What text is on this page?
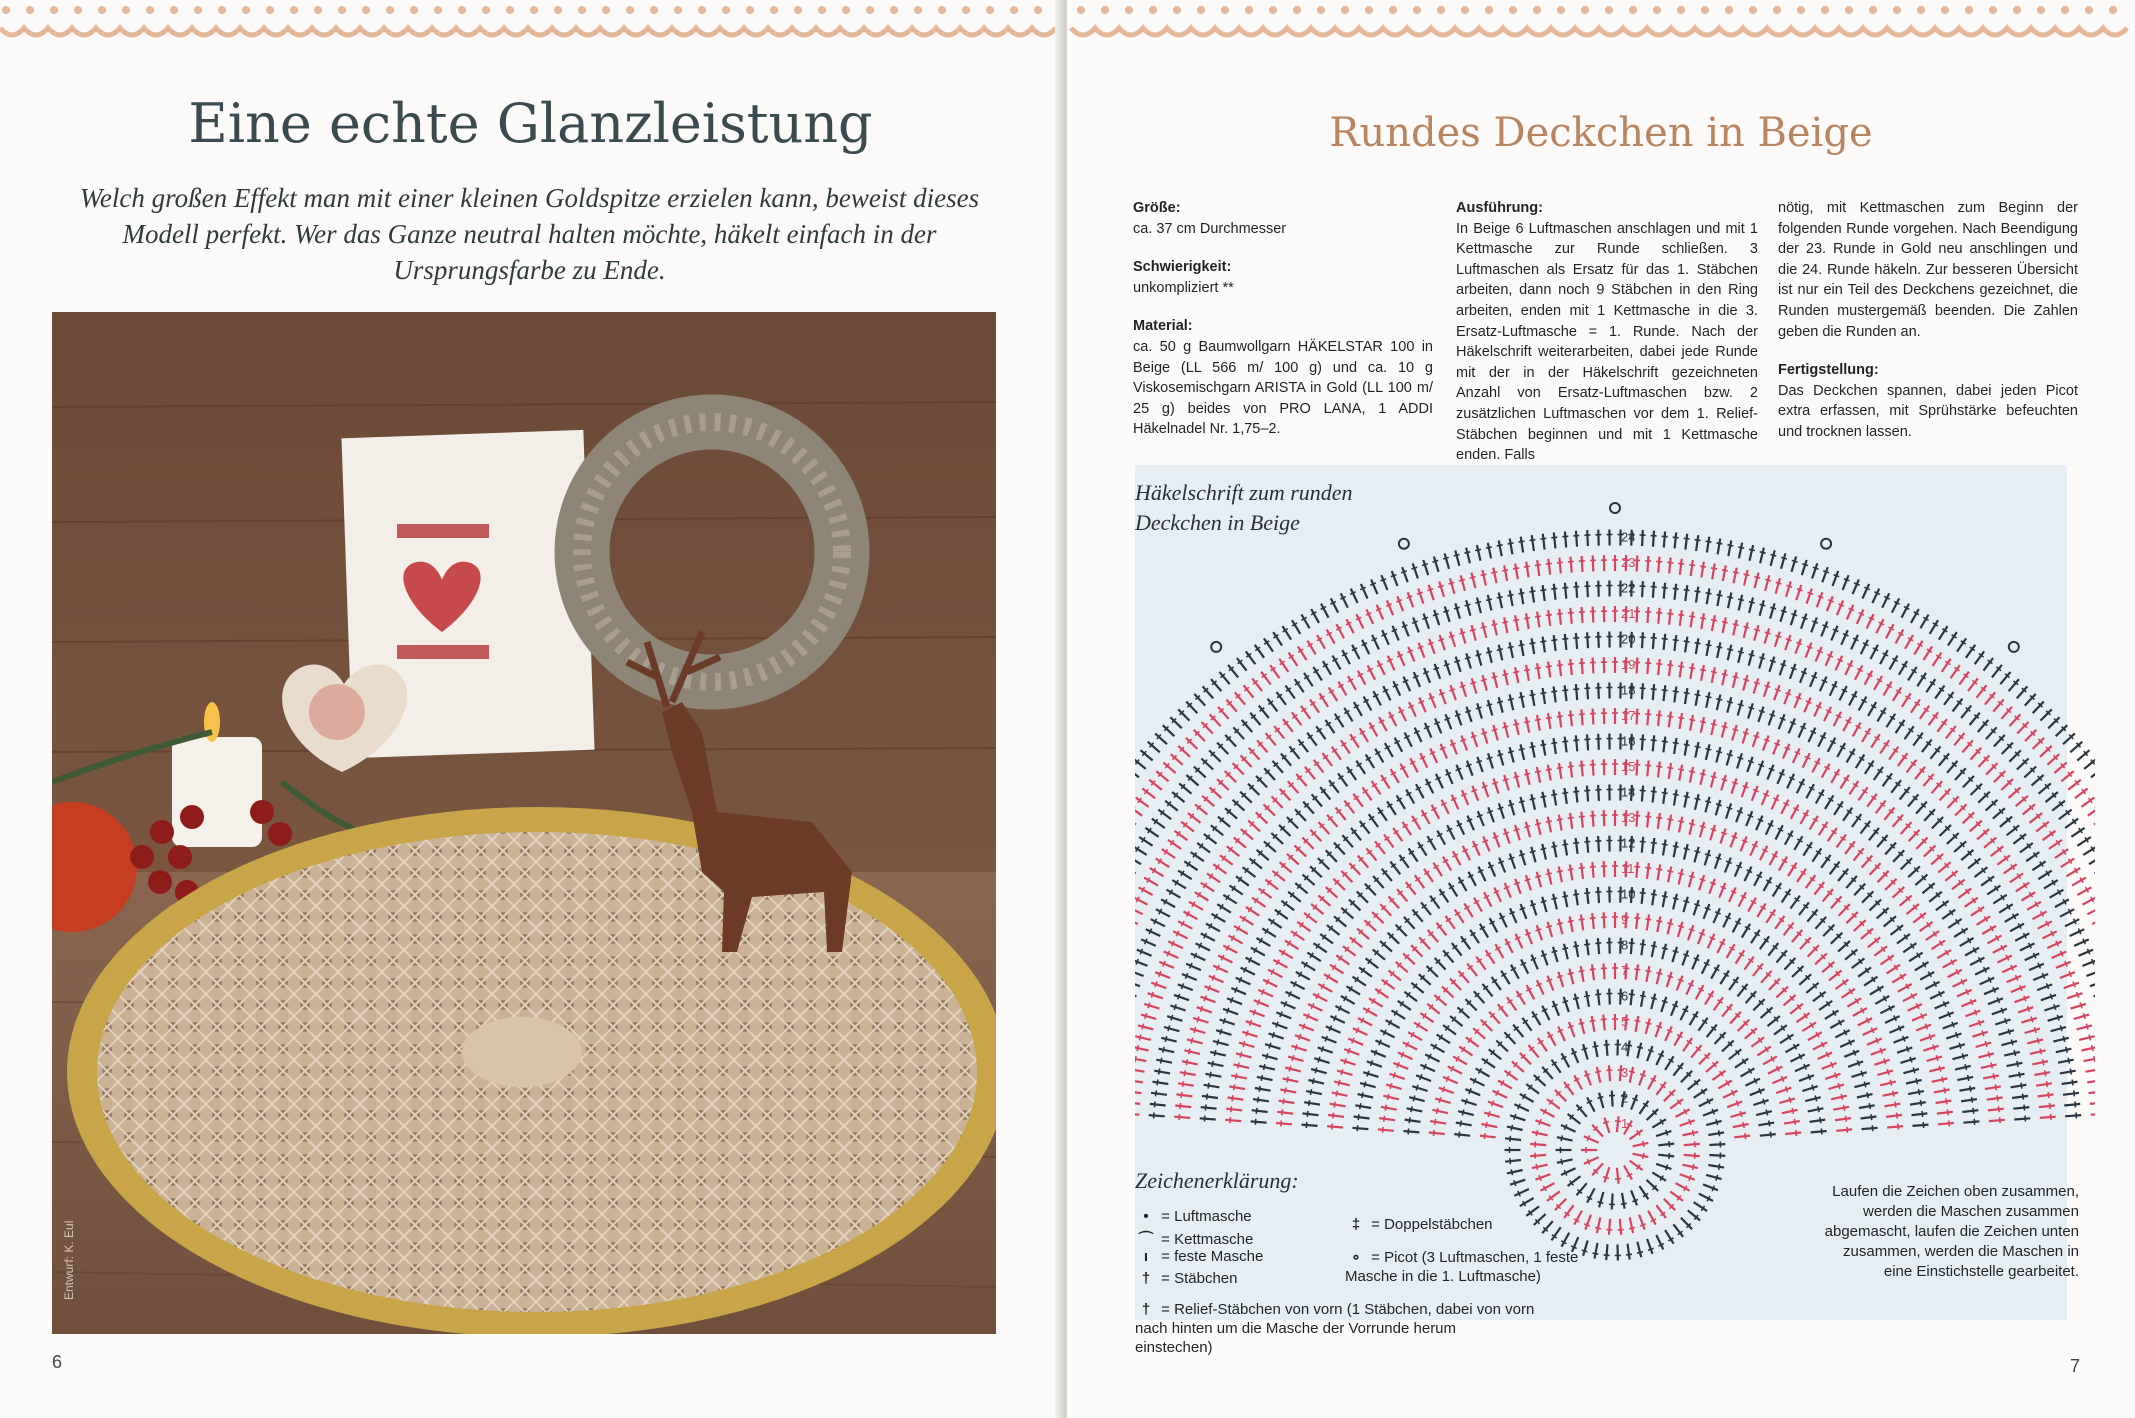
Eine echte Glanzleistung

Welch großen Effekt man mit einer kleinen Goldspitze erzielen kann, beweist dieses Modell perfekt. Wer das Ganze neutral halten möchte, häkelt einfach in der Ursprungsfarbe zu Ende.

Entwurf: K. Eul
6
Rundes Deckchen in Beige

Größe:
ca. 37 cm Durchmesser

Schwierigkeit:
unkompliziert **

Material:
ca. 50 g Baumwollgarn HÄKELSTAR 100 in Beige (LL 566 m/ 100 g) und ca. 10 g Viskosemischgarn ARISTA in Gold (LL 100 m/ 25 g) beides von PRO LANA, 1 ADDI Häkelnadel Nr. 1,75–2.

Ausführung:
In Beige 6 Luftmaschen anschlagen und mit 1 Kettmasche zur Runde schließen. 3 Luftmaschen als Ersatz für das 1. Stäbchen arbeiten, dann noch 9 Stäbchen in den Ring arbeiten, enden mit 1 Kettmasche in die 3. Ersatz-Luftmasche = 1. Runde. Nach der Häkelschrift weiterarbeiten, dabei jede Runde mit der in der Häkelschrift gezeichneten Anzahl von Ersatz-Luftmaschen bzw. 2 zusätzlichen Luftmaschen vor dem 1. Relief-Stäbchen beginnen und mit 1 Kettmasche enden. Falls

nötig, mit Kettmaschen zum Beginn der folgenden Runde vorgehen. Nach Beendigung der 23. Runde in Gold neu anschlingen und die 24. Runde häkeln. Zur besseren Übersicht ist nur ein Teil des Deckchens gezeichnet, die Runden mustergemäß beenden. Die Zahlen geben die Runden an.

Fertigstellung:
Das Deckchen spannen, dabei jeden Picot extra erfassen, mit Sprühstärke befeuchten und trocknen lassen.

Häkelschrift zum runden Deckchen in Beige
1
2
3
4
5
6
7
8
9
10
11
12
13
14
15
16
17
18
19
20
21
22
23
24
Zeichenerklärung:
• = Luftmasche
⌒ = Kettmasche
ı = feste Masche
† = Stäbchen
‡ = Doppelstäbchen
∘ = Picot (3 Luftmaschen, 1 feste Masche in die 1. Luftmasche)
† = Relief-Stäbchen von vorn (1 Stäbchen, dabei von vorn nach hinten um die Masche der Vorrunde herum einstechen)
Laufen die Zeichen oben zusammen, werden die Maschen zusammen abgemascht, laufen die Zeichen unten zusammen, werden die Maschen in eine Einstichstelle gearbeitet.
7
